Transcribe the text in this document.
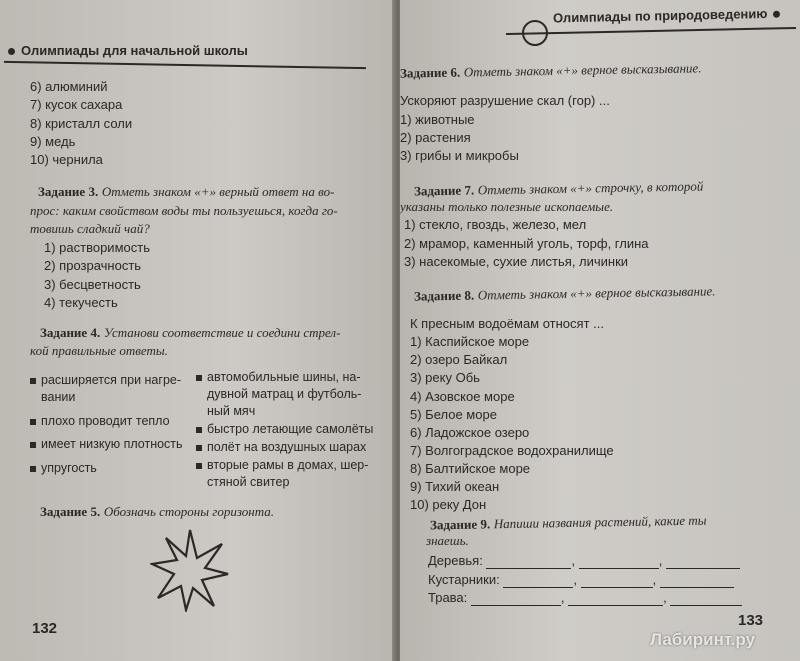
Олимпиады для начальной школы
6) алюминий
7) кусок сахара
8) кристалл соли
9) медь
10) чернила
Задание 3. Отметь знаком «+» верный ответ на во-
прос: каким свойством воды ты пользуешься, когда го-
товишь сладкий чай?
1) растворимость
2) прозрачность
3) бесцветность
4) текучесть
Задание 4. Установи соответствие и соедини стрел-
кой правильные ответы.
расширяется при нагре-
вании
плохо проводит тепло
имеет низкую плотность
упругость
автомобильные шины, на-
дувной матрац и футболь-
ный мяч
быстро летающие самолёты
полёт на воздушных шарах
вторые рамы в домах, шер-
стяной свитер
Задание 5. Обозначь стороны горизонта.
132
Олимпиады по природоведению
Задание 6. Отметь знаком «+» верное высказывание.
Ускоряют разрушение скал (гор) ...
1) животные
2) растения
3) грибы и микробы
Задание 7. Отметь знаком «+» строчку, в которой
указаны только полезные ископаемые.
1) стекло, гвоздь, железо, мел
2) мрамор, каменный уголь, торф, глина
3) насекомые, сухие листья, личинки
Задание 8. Отметь знаком «+» верное высказывание.
К пресным водоёмам относят ...
1) Каспийское море
2) озеро Байкал
3) реку Обь
4) Азовское море
5) Белое море
6) Ладожское озеро
7) Волгоградское водохранилище
8) Балтийское море
9) Тихий океан
10) реку Дон
Задание 9. Напиши названия растений, какие ты
знаешь.
Деревья:	,	,
Кустарники:	,	,
Трава:	,	,
133
Лабиринт.ру
